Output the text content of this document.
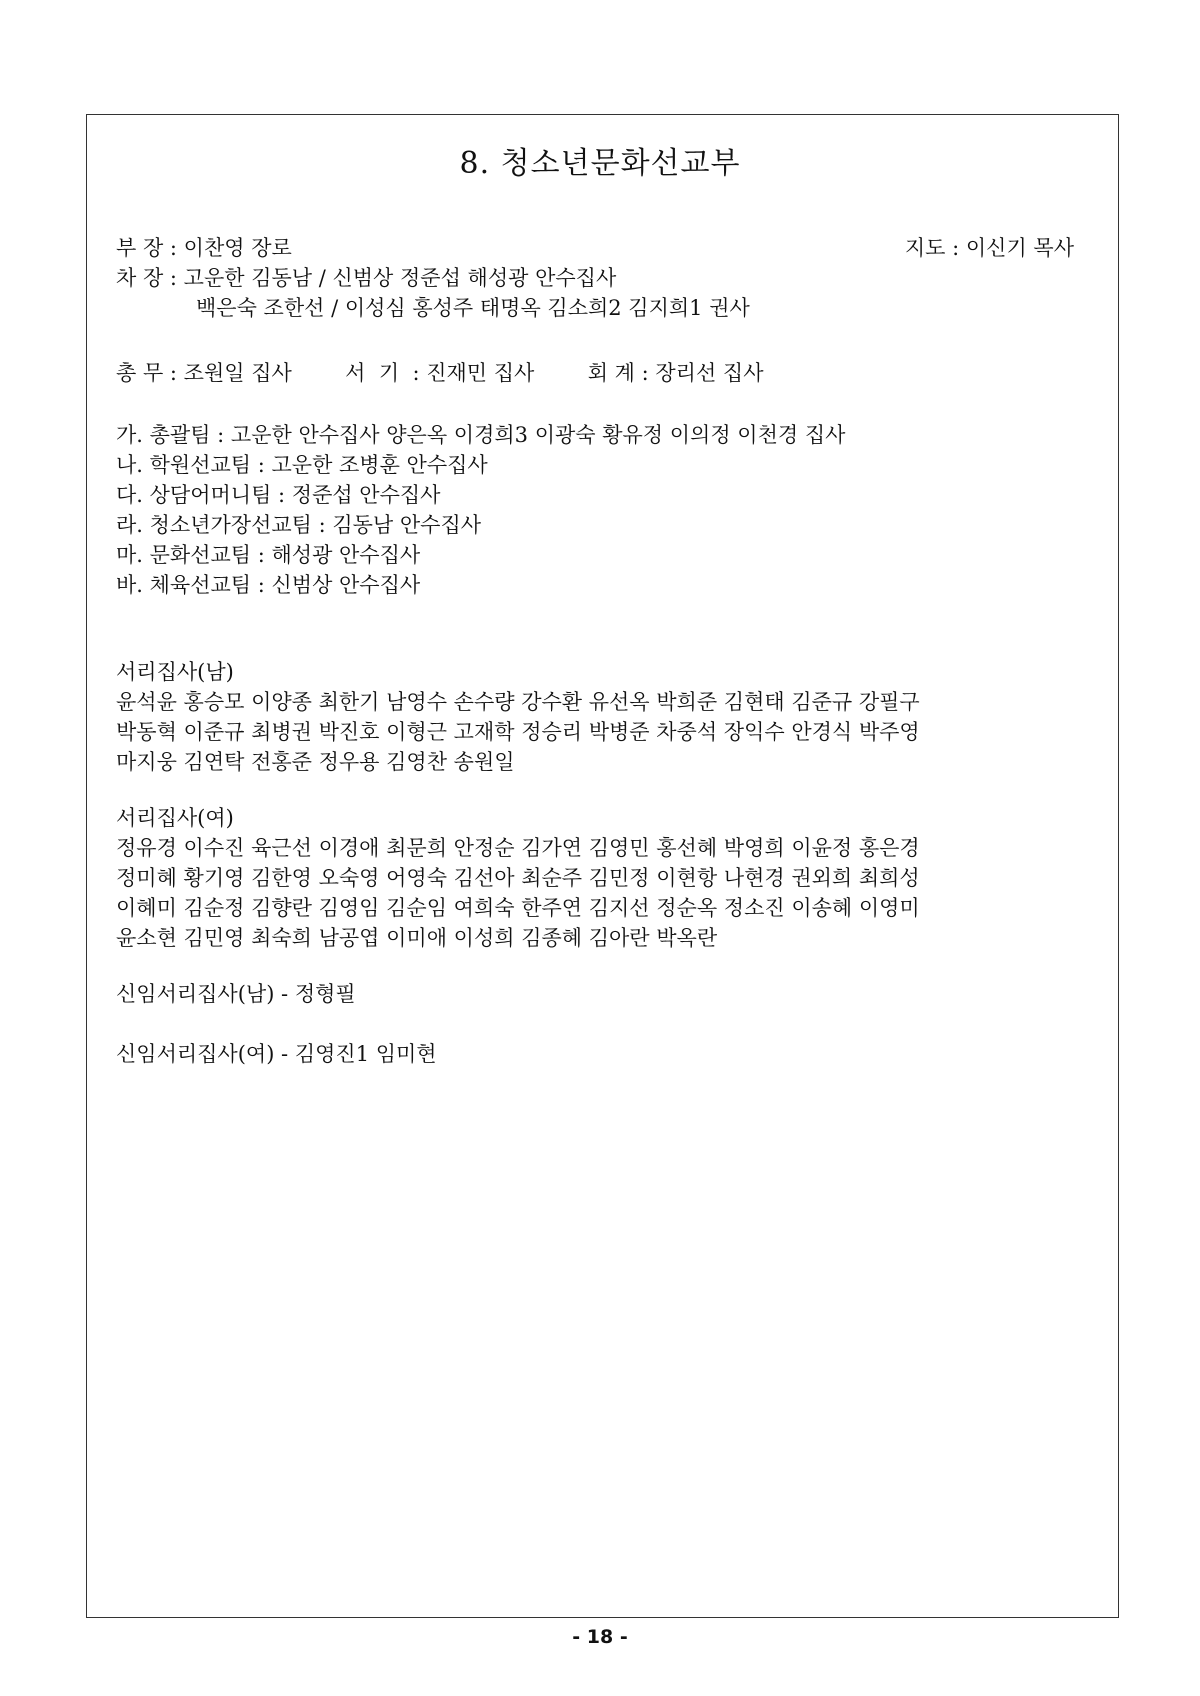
8. 청소년문화선교부
부 장 : 이찬영 장로	지도 : 이신기 목사
차 장 : 고운한 김동남 / 신범상 정준섭 해성광 안수집사
백은숙 조한선 / 이성심 홍성주 태명옥 김소희2 김지희1 권사
총 무 : 조원일 집사        서  기  : 진재민 집사        회 계 : 장리선 집사
가. 총괄팀 : 고운한 안수집사 양은옥 이경희3 이광숙 황유정 이의정 이천경 집사
나. 학원선교팀 : 고운한 조병훈 안수집사
다. 상담어머니팀 : 정준섭 안수집사
라. 청소년가장선교팀 : 김동남 안수집사
마. 문화선교팀 : 해성광 안수집사
바. 체육선교팀 : 신범상 안수집사
서리집사(남)
윤석윤 홍승모 이양종 최한기 남영수 손수량 강수환 유선옥 박희준 김현태 김준규 강필구
박동혁 이준규 최병권 박진호 이형근 고재학 정승리 박병준 차중석 장익수 안경식 박주영
마지웅 김연탁 전홍준 정우용 김영찬 송원일
서리집사(여)
정유경 이수진 육근선 이경애 최문희 안정순 김가연 김영민 홍선혜 박영희 이윤정 홍은경
정미혜 황기영 김한영 오숙영 어영숙 김선아 최순주 김민정 이현항 나현경 권외희 최희성
이혜미 김순정 김향란 김영임 김순임 여희숙 한주연 김지선 정순옥 정소진 이송혜 이영미
윤소현 김민영 최숙희 남공엽 이미애 이성희 김종혜 김아란 박옥란
신임서리집사(남) - 정형필
신임서리집사(여) - 김영진1 임미현
- 18 -
